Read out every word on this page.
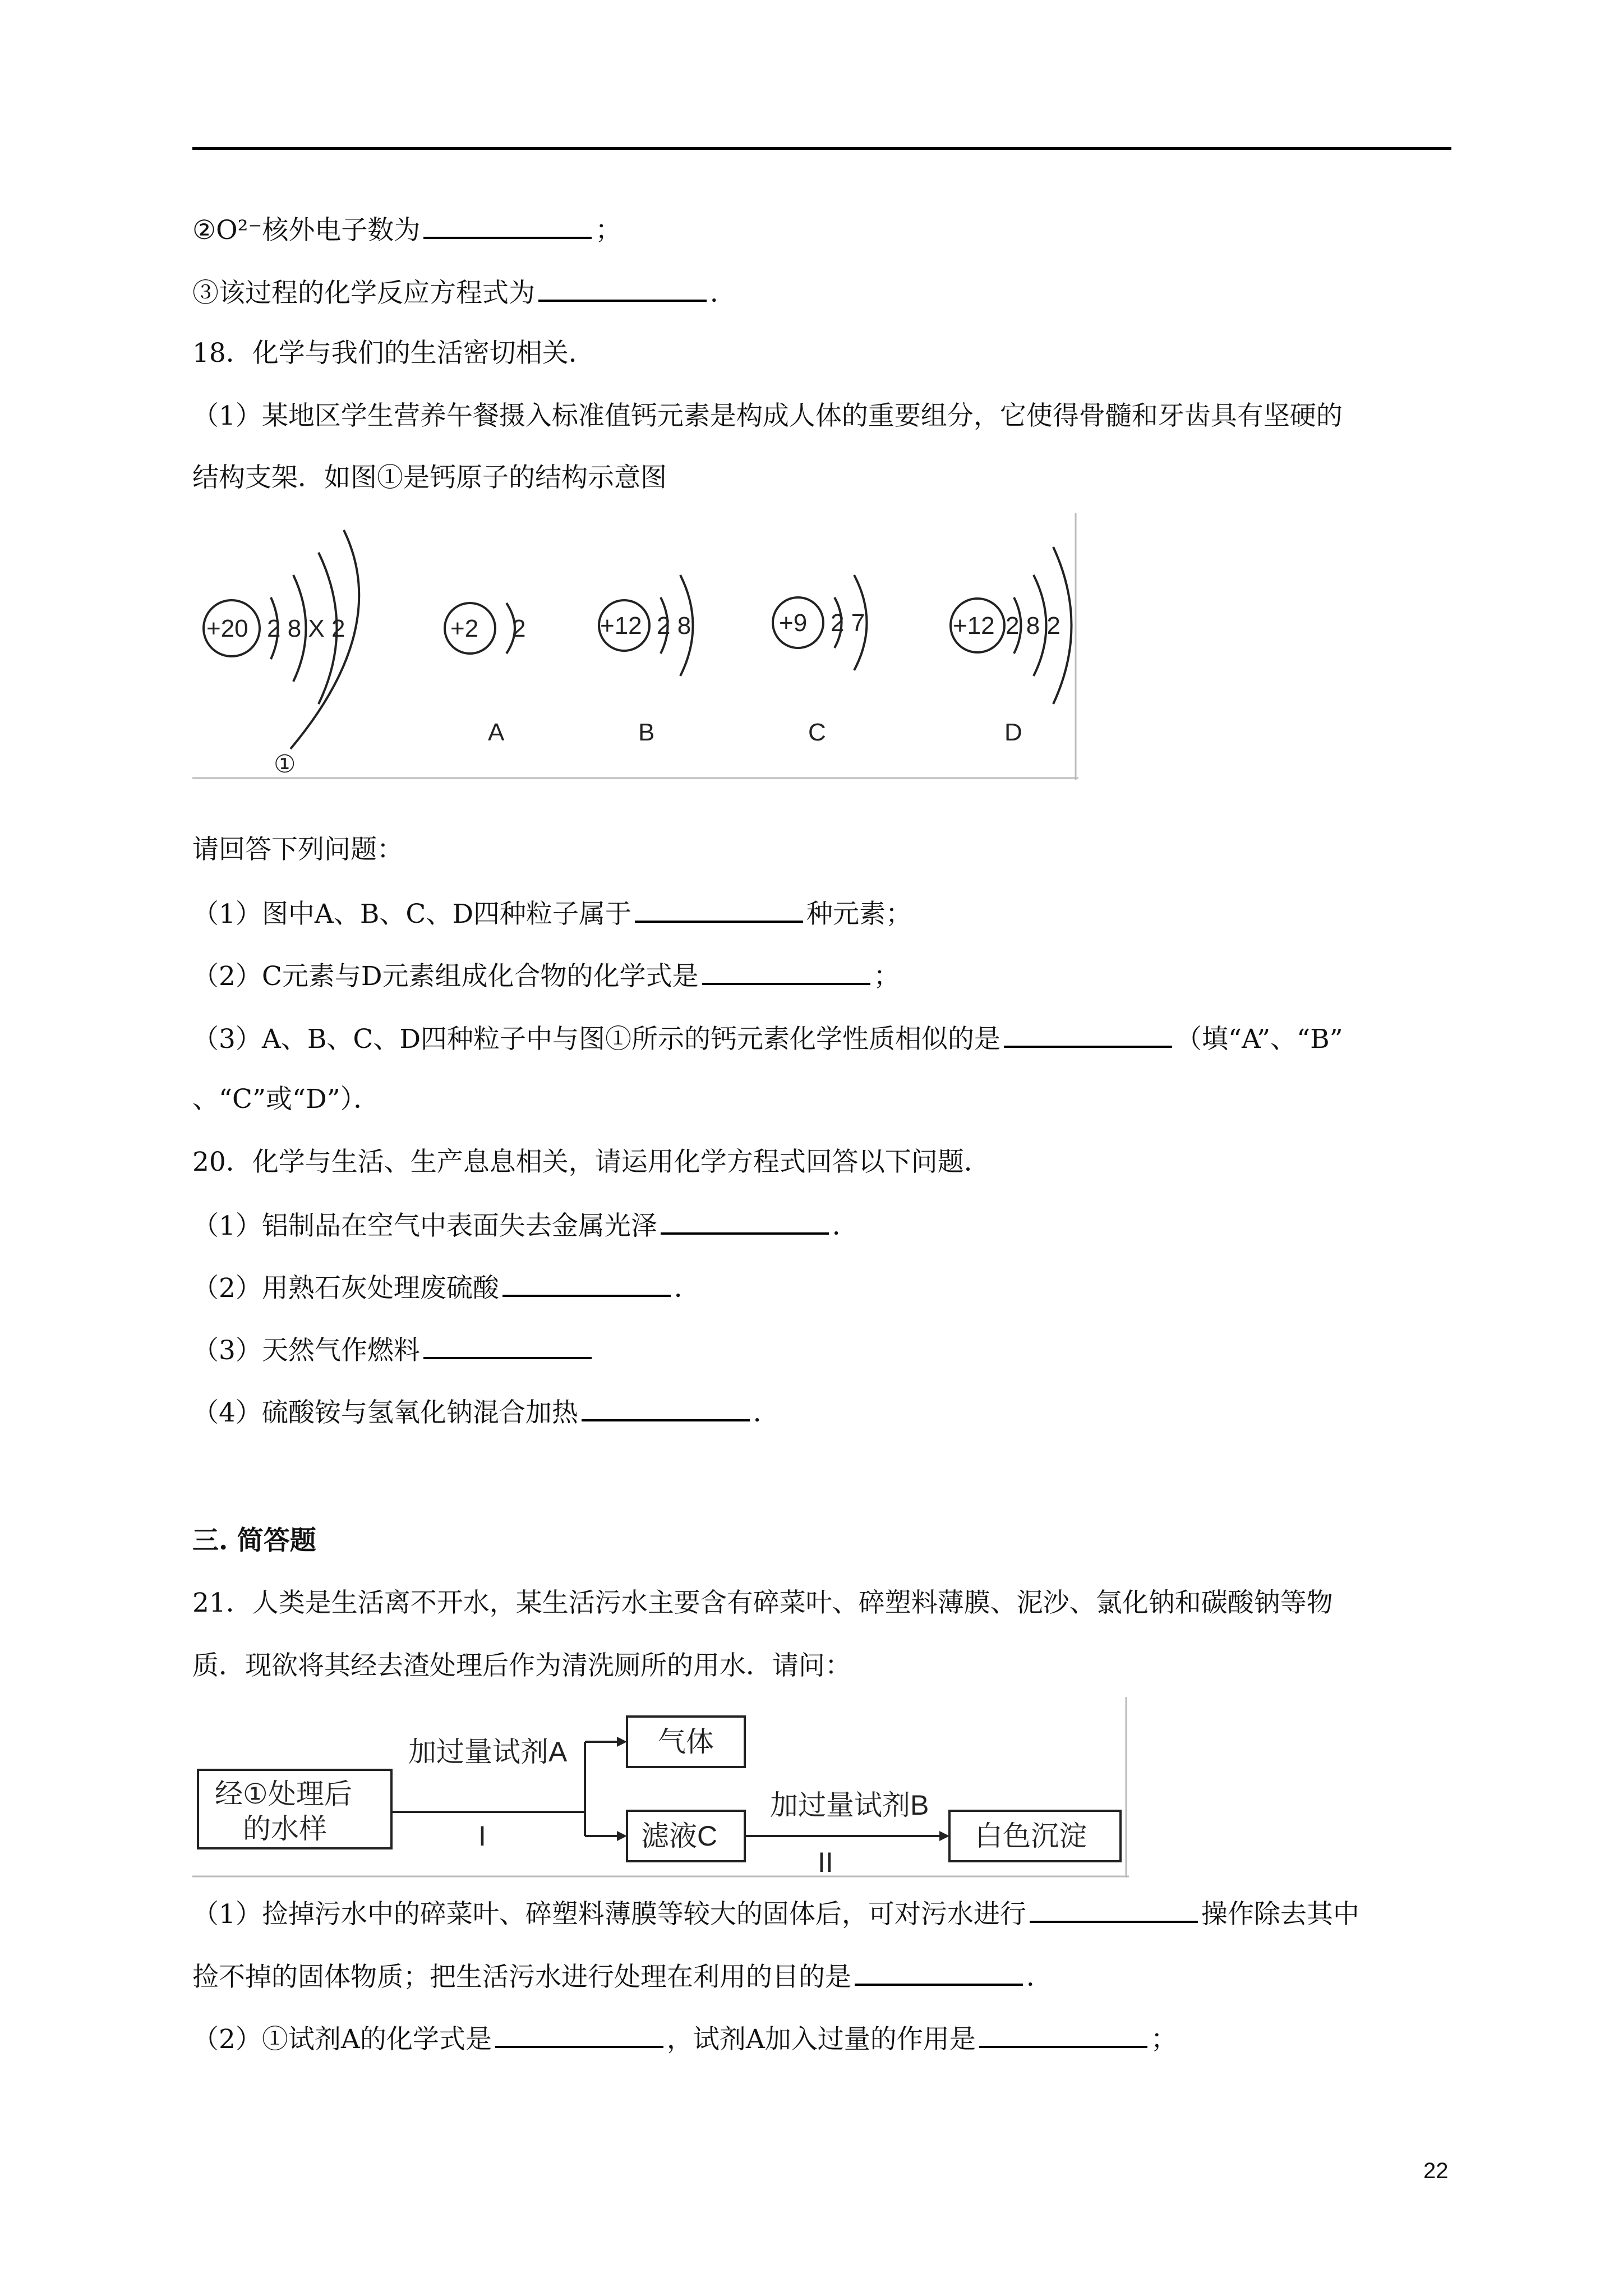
②O²⁻核外电子数为	；
③该过程的化学反应方程式为	．
18．化学与我们的生活密切相关．
（1）某地区学生营养午餐摄入标准值钙元素是构成人体的重要组分，它使得骨髓和牙齿具有坚硬的
结构支架．如图①是钙原子的结构示意图
+20 2 8 X 2
①
+2 2
A
+12 2 8
B
+9 2 7
C
+12 2 8 2
D
请回答下列问题：
（1）图中A、B、C、D四种粒子属于	种元素；
（2）C元素与D元素组成化合物的化学式是	；
（3）A、B、C、D四种粒子中与图①所示的钙元素化学性质相似的是	（填“A”、“B”
、“C”或“D”）．
20．化学与生活、生产息息相关，请运用化学方程式回答以下问题．
（1）铝制品在空气中表面失去金属光泽	．
（2）用熟石灰处理废硫酸	．
（3）天然气作燃料
（4）硫酸铵与氢氧化钠混合加热	．
三. 简答题
21．人类是生活离不开水，某生活污水主要含有碎菜叶、碎塑料薄膜、泥沙、氯化钠和碳酸钠等物
质．现欲将其经去渣处理后作为清洗厕所的用水．请问：
经①处理后
的水样
加过量试剂A
I
气体
滤液C
加过量试剂B
II
白色沉淀
（1）捡掉污水中的碎菜叶、碎塑料薄膜等较大的固体后，可对污水进行	操作除去其中
捡不掉的固体物质；把生活污水进行处理在利用的目的是	．
（2）①试剂A的化学式是	，试剂A加入过量的作用是	；
22
